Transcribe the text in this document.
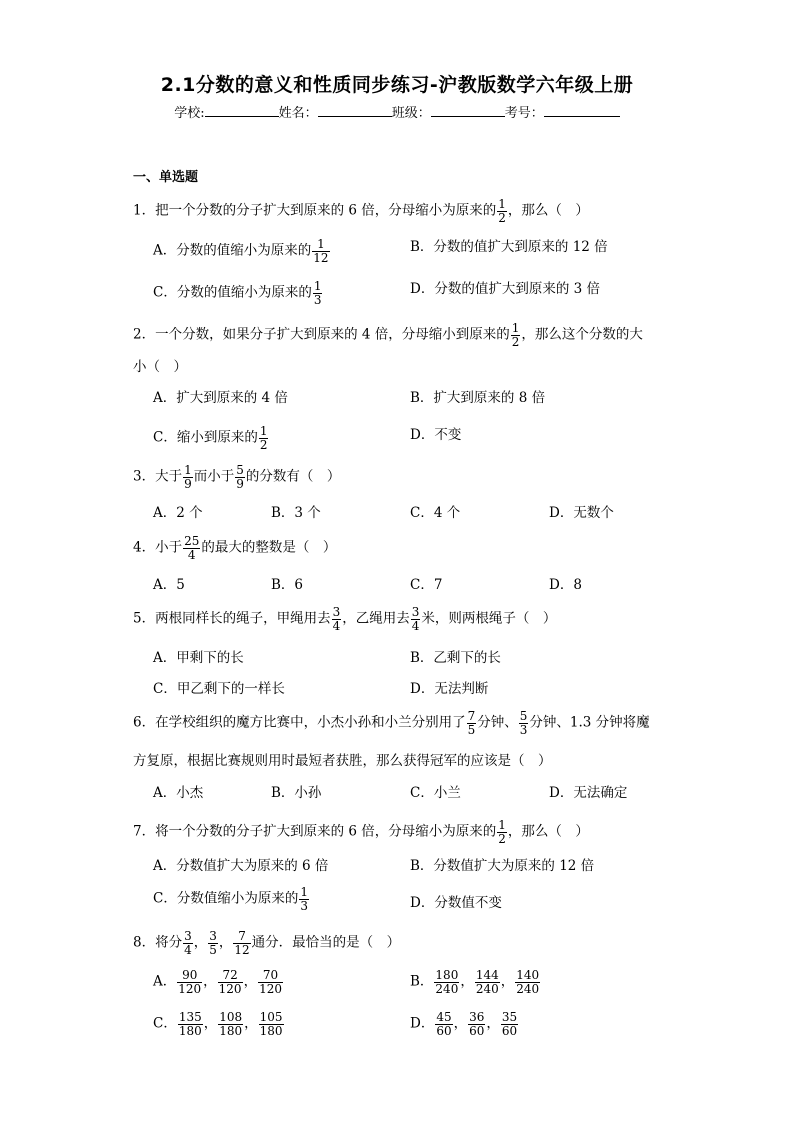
2.1分数的意义和性质同步练习-沪教版数学六年级上册
学校:	姓名：	班级：	考号：
一、单选题
1．把一个分数的分子扩大到原来的 6 倍，分母缩小为原来的 $\frac{1}{2}$ ，那么（　）
A．分数的值缩小为原来的 $\frac{1}{12}$	B．分数的值扩大到原来的 12 倍
C．分数的值缩小为原来的 $\frac{1}{3}$	D．分数的值扩大到原来的 3 倍
2．一个分数，如果分子扩大到原来的 4 倍，分母缩小到原来的 $\frac{1}{2}$ ，那么这个分数的大
小（　）
A．扩大到原来的 4 倍	B．扩大到原来的 8 倍
C．缩小到原来的 $\frac{1}{2}$	D．不变
3．大于 $\frac{1}{9}$ 而小于 $\frac{5}{9}$ 的分数有（　）
A．2 个	B．3 个	C．4 个	D．无数个
4．小于 $\frac{25}{4}$ 的最大的整数是（　）
A．5	B．6	C．7	D．8
5．两根同样长的绳子，甲绳用去 $\frac{3}{4}$ ，乙绳用去 $\frac{3}{4}$ 米，则两根绳子（　）
A．甲剩下的长	B．乙剩下的长
C．甲乙剩下的一样长	D．无法判断
6．在学校组织的魔方比赛中，小杰小孙和小兰分别用了 $\frac{7}{5}$ 分钟、 $\frac{5}{3}$ 分钟、1.3 分钟将魔
方复原，根据比赛规则用时最短者获胜，那么获得冠军的应该是（　）
A．小杰	B．小孙	C．小兰	D．无法确定
7．将一个分数的分子扩大到原来的 6 倍，分母缩小为原来的 $\frac{1}{2}$ ，那么（　）
A．分数值扩大为原来的 6 倍	B．分数值扩大为原来的 12 倍
C．分数值缩小为原来的 $\frac{1}{3}$	D．分数值不变
8．将分 $\frac{3}{4}$ ， $\frac{3}{5}$ ， $\frac{7}{12}$ 通分．最恰当的是（　）
A． $\frac{90}{120}$ ， $\frac{72}{120}$ ， $\frac{70}{120}$	B． $\frac{180}{240}$ ， $\frac{144}{240}$ ， $\frac{140}{240}$
C． $\frac{135}{180}$ ， $\frac{108}{180}$ ， $\frac{105}{180}$	D． $\frac{45}{60}$ ， $\frac{36}{60}$ ， $\frac{35}{60}$
